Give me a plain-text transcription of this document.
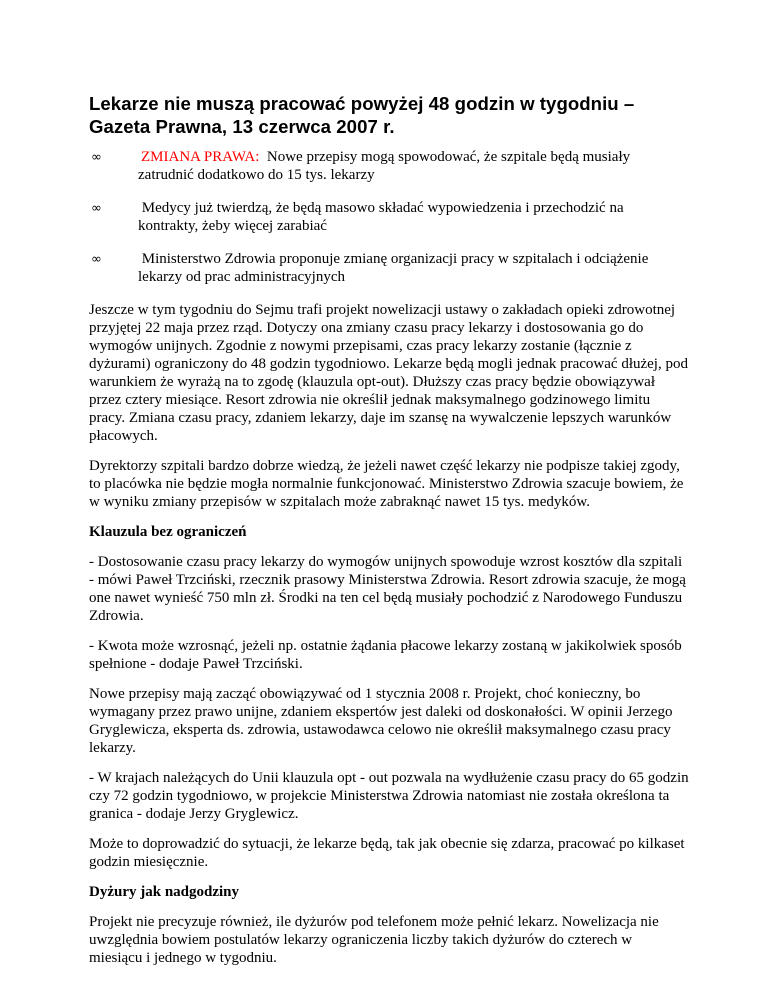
Lekarze nie muszą pracować powyżej 48 godzin w tygodniu – Gazeta Prawna, 13 czerwca 2007 r.
∞	ZMIANA PRAWA: Nowe przepisy mogą spowodować, że szpitale będą musiały zatrudnić dodatkowo do 15 tys. lekarzy
∞	Medycy już twierdzą, że będą masowo składać wypowiedzenia i przechodzić na kontrakty, żeby więcej zarabiać
∞	Ministerstwo Zdrowia proponuje zmianę organizacji pracy w szpitalach i odciążenie lekarzy od prac administracyjnych

Jeszcze w tym tygodniu do Sejmu trafi projekt nowelizacji ustawy o zakładach opieki zdrowotnej przyjętej 22 maja przez rząd. Dotyczy ona zmiany czasu pracy lekarzy i dostosowania go do wymogów unijnych. Zgodnie z nowymi przepisami, czas pracy lekarzy zostanie (łącznie z dyżurami) ograniczony do 48 godzin tygodniowo. Lekarze będą mogli jednak pracować dłużej, pod warunkiem że wyrażą na to zgodę (klauzula opt-out). Dłuższy czas pracy będzie obowiązywał przez cztery miesiące. Resort zdrowia nie określił jednak maksymalnego godzinowego limitu pracy. Zmiana czasu pracy, zdaniem lekarzy, daje im szansę na wywalczenie lepszych warunków płacowych.

Dyrektorzy szpitali bardzo dobrze wiedzą, że jeżeli nawet część lekarzy nie podpisze takiej zgody, to placówka nie będzie mogła normalnie funkcjonować. Ministerstwo Zdrowia szacuje bowiem, że w wyniku zmiany przepisów w szpitalach może zabraknąć nawet 15 tys. medyków.

Klauzula bez ograniczeń

- Dostosowanie czasu pracy lekarzy do wymogów unijnych spowoduje wzrost kosztów dla szpitali - mówi Paweł Trzciński, rzecznik prasowy Ministerstwa Zdrowia. Resort zdrowia szacuje, że mogą one nawet wynieść 750 mln zł. Środki na ten cel będą musiały pochodzić z Narodowego Funduszu Zdrowia.

- Kwota może wzrosnąć, jeżeli np. ostatnie żądania płacowe lekarzy zostaną w jakikolwiek sposób spełnione - dodaje Paweł Trzciński.

Nowe przepisy mają zacząć obowiązywać od 1 stycznia 2008 r. Projekt, choć konieczny, bo wymagany przez prawo unijne, zdaniem ekspertów jest daleki od doskonałości. W opinii Jerzego Gryglewicza, eksperta ds. zdrowia, ustawodawca celowo nie określił maksymalnego czasu pracy lekarzy.

- W krajach należących do Unii klauzula opt - out pozwala na wydłużenie czasu pracy do 65 godzin czy 72 godzin tygodniowo, w projekcie Ministerstwa Zdrowia natomiast nie została określona ta granica - dodaje Jerzy Gryglewicz.

Może to doprowadzić do sytuacji, że lekarze będą, tak jak obecnie się zdarza, pracować po kilkaset godzin miesięcznie.

Dyżury jak nadgodziny

Projekt nie precyzuje również, ile dyżurów pod telefonem może pełnić lekarz. Nowelizacja nie uwzględnia bowiem postulatów lekarzy ograniczenia liczby takich dyżurów do czterech w miesiącu i jednego w tygodniu.
